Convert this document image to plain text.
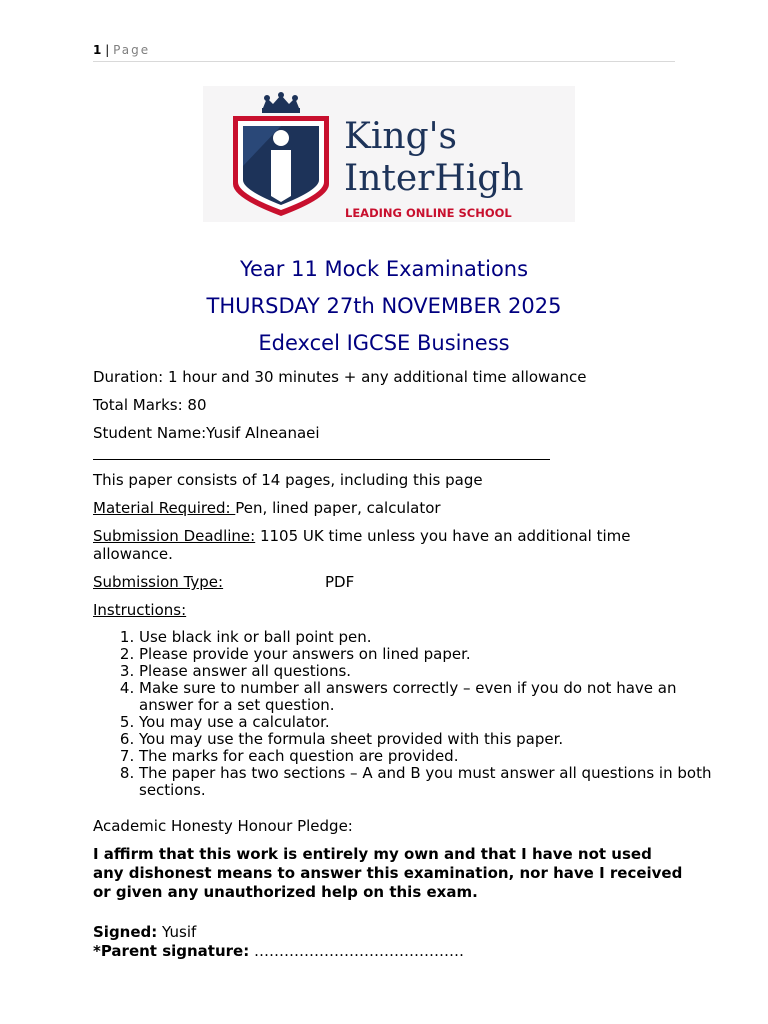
1 | Page
King's
InterHigh
LEADING ONLINE SCHOOL
Year 11 Mock Examinations
THURSDAY 27th NOVEMBER 2025
Edexcel IGCSE Business
Duration: 1 hour and 30 minutes + any additional time allowance
Total Marks: 80
Student Name:Yusif Alneanaei
This paper consists of 14 pages, including this page
Material Required: Pen, lined paper, calculator
Submission Deadline: 1105 UK time unless you have an additional time allowance.
Submission Type:	PDF
Instructions:
1. Use black ink or ball point pen.
2. Please provide your answers on lined paper.
3. Please answer all questions.
4. Make sure to number all answers correctly – even if you do not have an answer for a set question.
5. You may use a calculator.
6. You may use the formula sheet provided with this paper.
7. The marks for each question are provided.
8. The paper has two sections – A and B you must answer all questions in both sections.
Academic Honesty Honour Pledge:
I affirm that this work is entirely my own and that I have not used any dishonest means to answer this examination, nor have I received or given any unauthorized help on this exam.
Signed: Yusif
*Parent signature: ……………………………………
